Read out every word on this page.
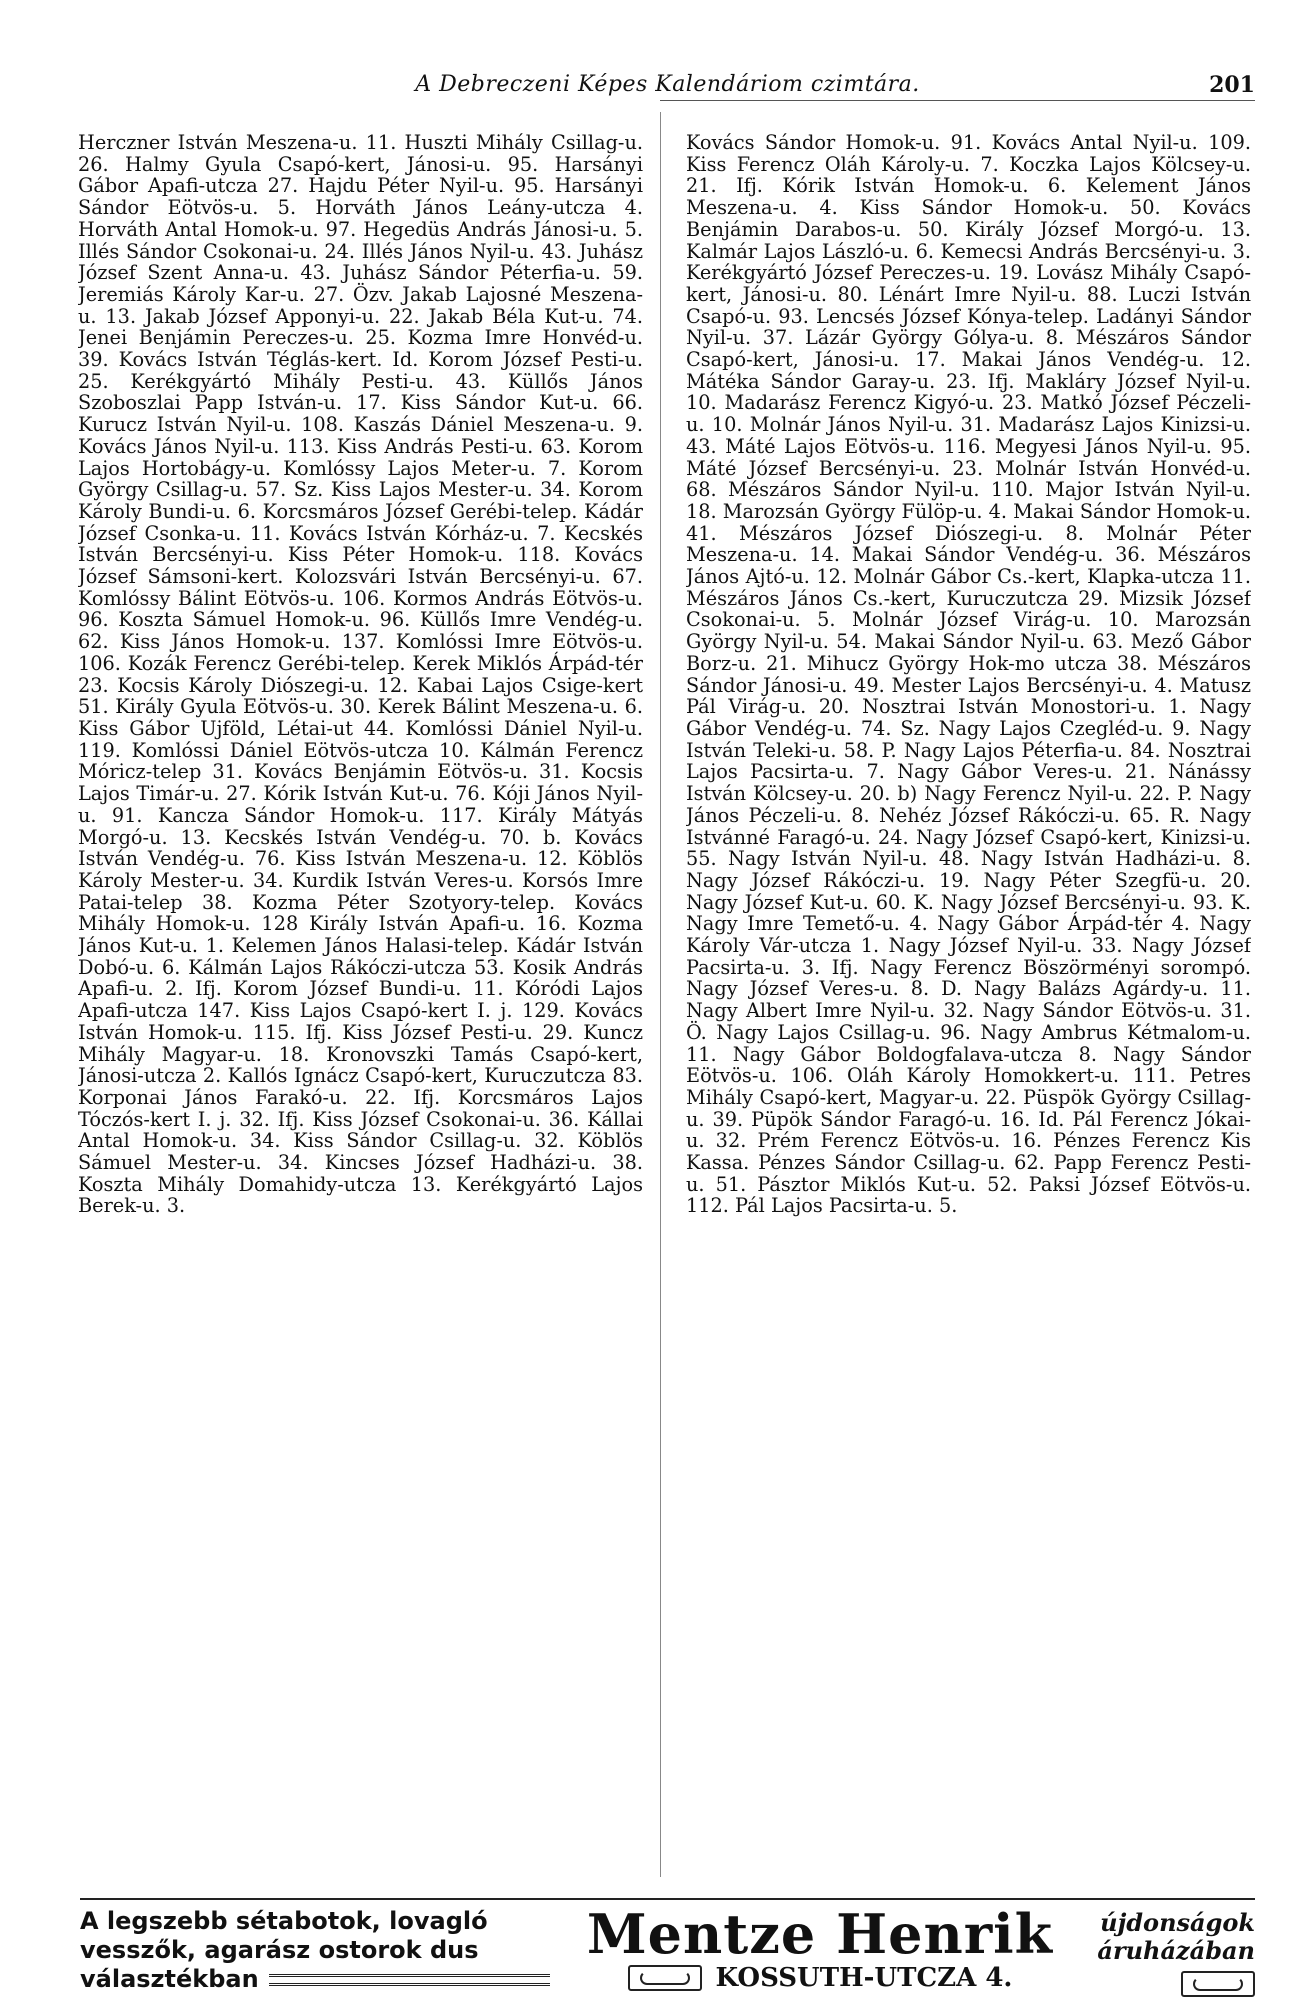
A Debreczeni Képes Kalendáriom czimtára.	201

Herczner István Meszena-u. 11. Huszti Mihály Csillag-u. 26. Halmy Gyula Csapó-kert, Jánosi-u. 95. Harsányi Gábor Apafi-utcza 27. Hajdu Péter Nyil-u. 95. Harsányi Sándor Eötvös-u. 5. Horváth János Leány-utcza 4. Horváth Antal Homok-u. 97. Hegedüs András Jánosi-u. 5. Illés Sándor Csokonai-u. 24. Illés János Nyil-u. 43. Juhász József Szent Anna-u. 43. Juhász Sándor Péterfia-u. 59. Jeremiás Károly Kar-u. 27. Özv. Jakab Lajosné Meszena-u. 13. Jakab József Apponyi-u. 22. Jakab Béla Kut-u. 74. Jenei Benjámin Pereczes-u. 25. Kozma Imre Honvéd-u. 39. Kovács István Téglás-kert. Id. Korom József Pesti-u. 25. Kerékgyártó Mihály Pesti-u. 43. Küllős János Szoboszlai Papp István-u. 17. Kiss Sándor Kut-u. 66. Kurucz István Nyil-u. 108. Kaszás Dániel Meszena-u. 9. Kovács János Nyil-u. 113. Kiss András Pesti-u. 63. Korom Lajos Hortobágy-u. Komlóssy Lajos Meter-u. 7. Korom György Csillag-u. 57. Sz. Kiss Lajos Mester-u. 34. Korom Károly Bundi-u. 6. Korcsmáros József Gerébi-telep. Kádár József Csonka-u. 11. Kovács István Kórház-u. 7. Kecskés István Bercsényi-u. Kiss Péter Homok-u. 118. Kovács József Sámsoni-kert. Kolozsvári István Bercsényi-u. 67. Komlóssy Bálint Eötvös-u. 106. Kormos András Eötvös-u. 96. Koszta Sámuel Homok-u. 96. Küllős Imre Vendég-u. 62. Kiss János Homok-u. 137. Komlóssi Imre Eötvös-u. 106. Kozák Ferencz Gerébi-telep. Kerek Miklós Árpád-tér 23. Kocsis Károly Diószegi-u. 12. Kabai Lajos Csige-kert 51. Király Gyula Eötvös-u. 30. Kerek Bálint Meszena-u. 6. Kiss Gábor Ujföld, Létai-ut 44. Komlóssi Dániel Nyil-u. 119. Komlóssi Dániel Eötvös-utcza 10. Kálmán Ferencz Móricz-telep 31. Kovács Benjámin Eötvös-u. 31. Kocsis Lajos Timár-u. 27. Kórik István Kut-u. 76. Kóji János Nyil-u. 91. Kancza Sándor Homok-u. 117. Király Mátyás Morgó-u. 13. Kecskés István Vendég-u. 70. b. Kovács István Vendég-u. 76. Kiss István Meszena-u. 12. Köblös Károly Mester-u. 34. Kurdik István Veres-u. Korsós Imre Patai-telep 38. Kozma Péter Szotyory-telep. Kovács Mihály Homok-u. 128 Király István Apafi-u. 16. Kozma János Kut-u. 1. Kelemen János Halasi-telep. Kádár István Dobó-u. 6. Kálmán Lajos Rákóczi-utcza 53. Kosik András Apafi-u. 2. Ifj. Korom József Bundi-u. 11. Kóródi Lajos Apafi-utcza 147. Kiss Lajos Csapó-kert I. j. 129. Kovács István Homok-u. 115. Ifj. Kiss József Pesti-u. 29. Kuncz Mihály Magyar-u. 18. Kronovszki Tamás Csapó-kert, Jánosi-utcza 2. Kallós Ignácz Csapó-kert, Kuruczutcza 83. Korponai János Farakó-u. 22. Ifj. Korcsmáros Lajos Tóczós-kert I. j. 32. Ifj. Kiss József Csokonai-u. 36. Kállai Antal Homok-u. 34. Kiss Sándor Csillag-u. 32. Köblös Sámuel Mester-u. 34. Kincses József Hadházi-u. 38. Koszta Mihály Domahidy-utcza 13. Kerékgyártó Lajos Berek-u. 3.

Kovács Sándor Homok-u. 91. Kovács Antal Nyil-u. 109. Kiss Ferencz Oláh Károly-u. 7. Koczka Lajos Kölcsey-u. 21. Ifj. Kórik István Homok-u. 6. Kelement János Meszena-u. 4. Kiss Sándor Homok-u. 50. Kovács Benjámin Darabos-u. 50. Király József Morgó-u. 13. Kalmár Lajos László-u. 6. Kemecsi András Bercsényi-u. 3. Kerékgyártó József Pereczes-u. 19. Lovász Mihály Csapó-kert, Jánosi-u. 80. Lénárt Imre Nyil-u. 88. Luczi István Csapó-u. 93. Lencsés József Kónya-telep. Ladányi Sándor Nyil-u. 37. Lázár György Gólya-u. 8. Mészáros Sándor Csapó-kert, Jánosi-u. 17. Makai János Vendég-u. 12. Mátéka Sándor Garay-u. 23. Ifj. Makláry József Nyil-u. 10. Madarász Ferencz Kigyó-u. 23. Matkó József Péczeli-u. 10. Molnár János Nyil-u. 31. Madarász Lajos Kinizsi-u. 43. Máté Lajos Eötvös-u. 116. Megyesi János Nyil-u. 95. Máté József Bercsényi-u. 23. Molnár István Honvéd-u. 68. Mészáros Sándor Nyil-u. 110. Major István Nyil-u. 18. Marozsán György Fülöp-u. 4. Makai Sándor Homok-u. 41. Mészáros József Diószegi-u. 8. Molnár Péter Meszena-u. 14. Makai Sándor Vendég-u. 36. Mészáros János Ajtó-u. 12. Molnár Gábor Cs.-kert, Klapka-utcza 11. Mészáros János Cs.-kert, Kuruczutcza 29. Mizsik József Csokonai-u. 5. Molnár József Virág-u. 10. Marozsán György Nyil-u. 54. Makai Sándor Nyil-u. 63. Mező Gábor Borz-u. 21. Mihucz György Hok-mo utcza 38. Mészáros Sándor Jánosi-u. 49. Mester Lajos Bercsényi-u. 4. Matusz Pál Virág-u. 20. Nosztrai István Monostori-u. 1. Nagy Gábor Vendég-u. 74. Sz. Nagy Lajos Czegléd-u. 9. Nagy István Teleki-u. 58. P. Nagy Lajos Péterfia-u. 84. Nosztrai Lajos Pacsirta-u. 7. Nagy Gábor Veres-u. 21. Nánássy István Kölcsey-u. 20. b) Nagy Ferencz Nyil-u. 22. P. Nagy János Péczeli-u. 8. Nehéz József Rákóczi-u. 65. R. Nagy Istvánné Faragó-u. 24. Nagy József Csapó-kert, Kinizsi-u. 55. Nagy István Nyil-u. 48. Nagy István Hadházi-u. 8. Nagy József Rákóczi-u. 19. Nagy Péter Szegfü-u. 20. Nagy József Kut-u. 60. K. Nagy József Bercsényi-u. 93. K. Nagy Imre Temető-u. 4. Nagy Gábor Árpád-tér 4. Nagy Károly Vár-utcza 1. Nagy József Nyil-u. 33. Nagy József Pacsirta-u. 3. Ifj. Nagy Ferencz Böszörményi sorompó. Nagy József Veres-u. 8. D. Nagy Balázs Agárdy-u. 11. Nagy Albert Imre Nyil-u. 32. Nagy Sándor Eötvös-u. 31. Ö. Nagy Lajos Csillag-u. 96. Nagy Ambrus Kétmalom-u. 11. Nagy Gábor Boldogfalava-utcza 8. Nagy Sándor Eötvös-u. 106. Oláh Károly Homokkert-u. 111. Petres Mihály Csapó-kert, Magyar-u. 22. Püspök György Csillag-u. 39. Püpök Sándor Faragó-u. 16. Id. Pál Ferencz Jókai-u. 32. Prém Ferencz Eötvös-u. 16. Pénzes Ferencz Kis Kassa. Pénzes Sándor Csillag-u. 62. Papp Ferencz Pesti-u. 51. Pásztor Miklós Kut-u. 52. Paksi József Eötvös-u. 112. Pál Lajos Pacsirta-u. 5.

A legszebb sétabotok, lovagló
vesszők, agarász ostorok dus
választékban
Mentze Henrik
KOSSUTH-UTCZA 4.
újdonságok
áruházában
